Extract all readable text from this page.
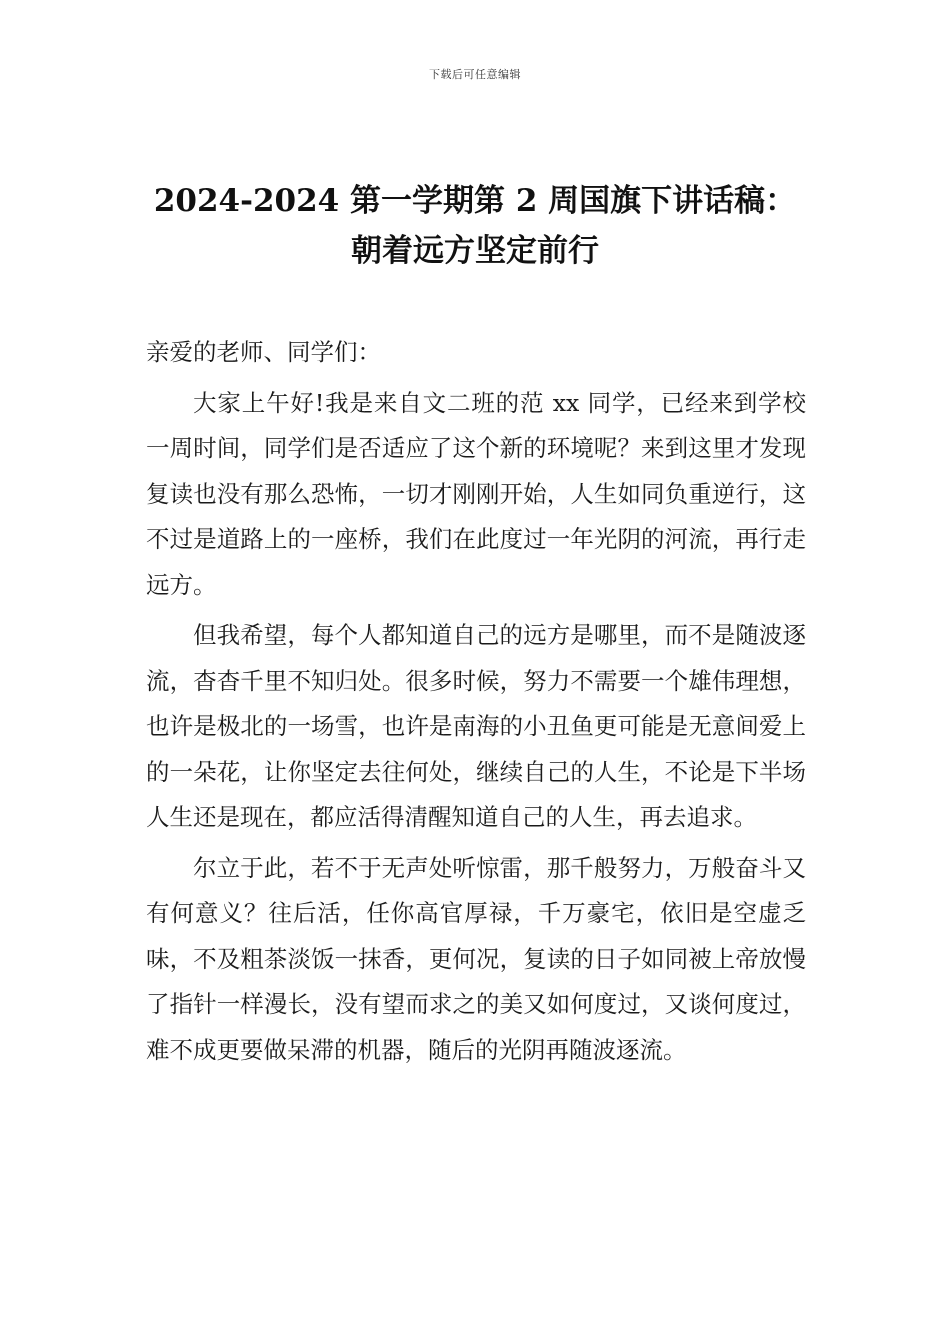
下载后可任意编辑
2024-2024 第一学期第 2 周国旗下讲话稿：
朝着远方坚定前行

亲爱的老师、同学们：

大家上午好!我是来自文二班的范 xx 同学，已经来到学校一周时间，同学们是否适应了这个新的环境呢？来到这里才发现复读也没有那么恐怖，一切才刚刚开始，人生如同负重逆行，这不过是道路上的一座桥，我们在此度过一年光阴的河流，再行走远方。

但我希望，每个人都知道自己的远方是哪里，而不是随波逐流，杳杳千里不知归处。很多时候，努力不需要一个雄伟理想，也许是极北的一场雪，也许是南海的小丑鱼更可能是无意间爱上的一朵花，让你坚定去往何处，继续自己的人生，不论是下半场人生还是现在，都应活得清醒知道自己的人生，再去追求。

尔立于此，若不于无声处听惊雷，那千般努力，万般奋斗又有何意义？往后活，任你高官厚禄，千万豪宅，依旧是空虚乏味，不及粗茶淡饭一抹香，更何况，复读的日子如同被上帝放慢了指针一样漫长，没有望而求之的美又如何度过，又谈何度过，难不成更要做呆滞的机器，随后的光阴再随波逐流。
